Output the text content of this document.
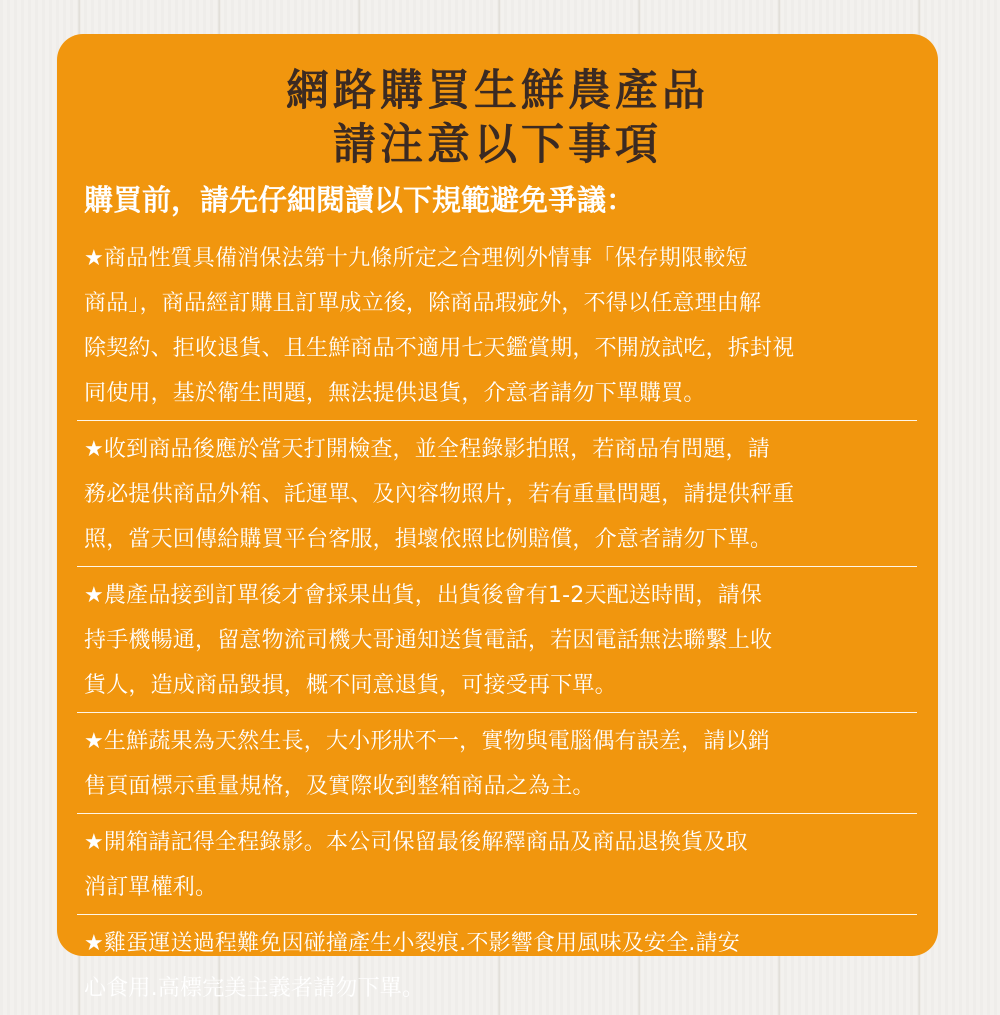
網路購買生鮮農產品
請注意以下事項
購買前，請先仔細閱讀以下規範避免爭議：
★商品性質具備消保法第十九條所定之合理例外情事「保存期限較短
商品」，商品經訂購且訂單成立後，除商品瑕疵外，不得以任意理由解
除契約、拒收退貨、且生鮮商品不適用七天鑑賞期，不開放試吃，拆封視
同使用，基於衛生問題，無法提供退貨，介意者請勿下單購買。
★收到商品後應於當天打開檢查，並全程錄影拍照，若商品有問題，請
務必提供商品外箱、託運單、及內容物照片，若有重量問題，請提供秤重
照，當天回傳給購買平台客服，損壞依照比例賠償，介意者請勿下單。
★農產品接到訂單後才會採果出貨，出貨後會有1-2天配送時間，請保
持手機暢通，留意物流司機大哥通知送貨電話，若因電話無法聯繫上收
貨人，造成商品毀損，概不同意退貨，可接受再下單。
★生鮮蔬果為天然生長，大小形狀不一，實物與電腦偶有誤差，請以銷
售頁面標示重量規格，及實際收到整箱商品之為主。
★開箱請記得全程錄影。本公司保留最後解釋商品及商品退換貨及取
消訂單權利。
★雞蛋運送過程難免因碰撞產生小裂痕.不影響食用風味及安全.請安
心食用.高標完美主義者請勿下單。
